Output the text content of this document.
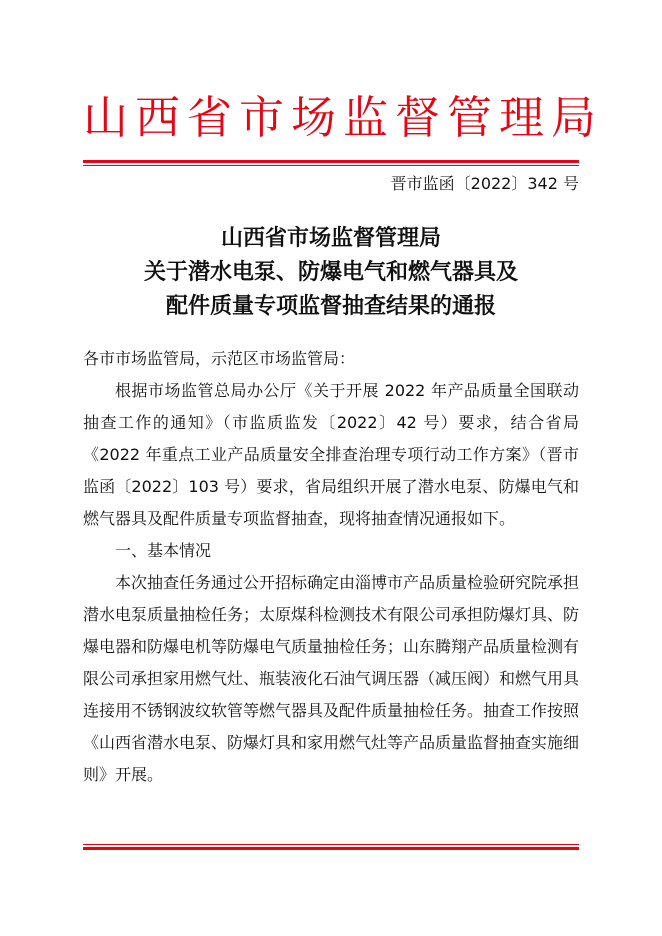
山西省市场监督管理局
晋市监函〔2022〕342 号
山西省市场监督管理局
关于潜水电泵、防爆电气和燃气器具及
配件质量专项监督抽查结果的通报

各市市场监管局，示范区市场监管局：

根据市场监管总局办公厅《关于开展 2022 年产品质量全国联动抽查工作的通知》（市监质监发〔2022〕42 号）要求，结合省局《2022 年重点工业产品质量安全排查治理专项行动工作方案》（晋市监函〔2022〕103 号）要求，省局组织开展了潜水电泵、防爆电气和燃气器具及配件质量专项监督抽查，现将抽查情况通报如下。

一、基本情况

本次抽查任务通过公开招标确定由淄博市产品质量检验研究院承担潜水电泵质量抽检任务；太原煤科检测技术有限公司承担防爆灯具、防爆电器和防爆电机等防爆电气质量抽检任务；山东腾翔产品质量检测有限公司承担家用燃气灶、瓶装液化石油气调压器（减压阀）和燃气用具连接用不锈钢波纹软管等燃气器具及配件质量抽检任务。抽查工作按照《山西省潜水电泵、防爆灯具和家用燃气灶等产品质量监督抽查实施细则》开展。
